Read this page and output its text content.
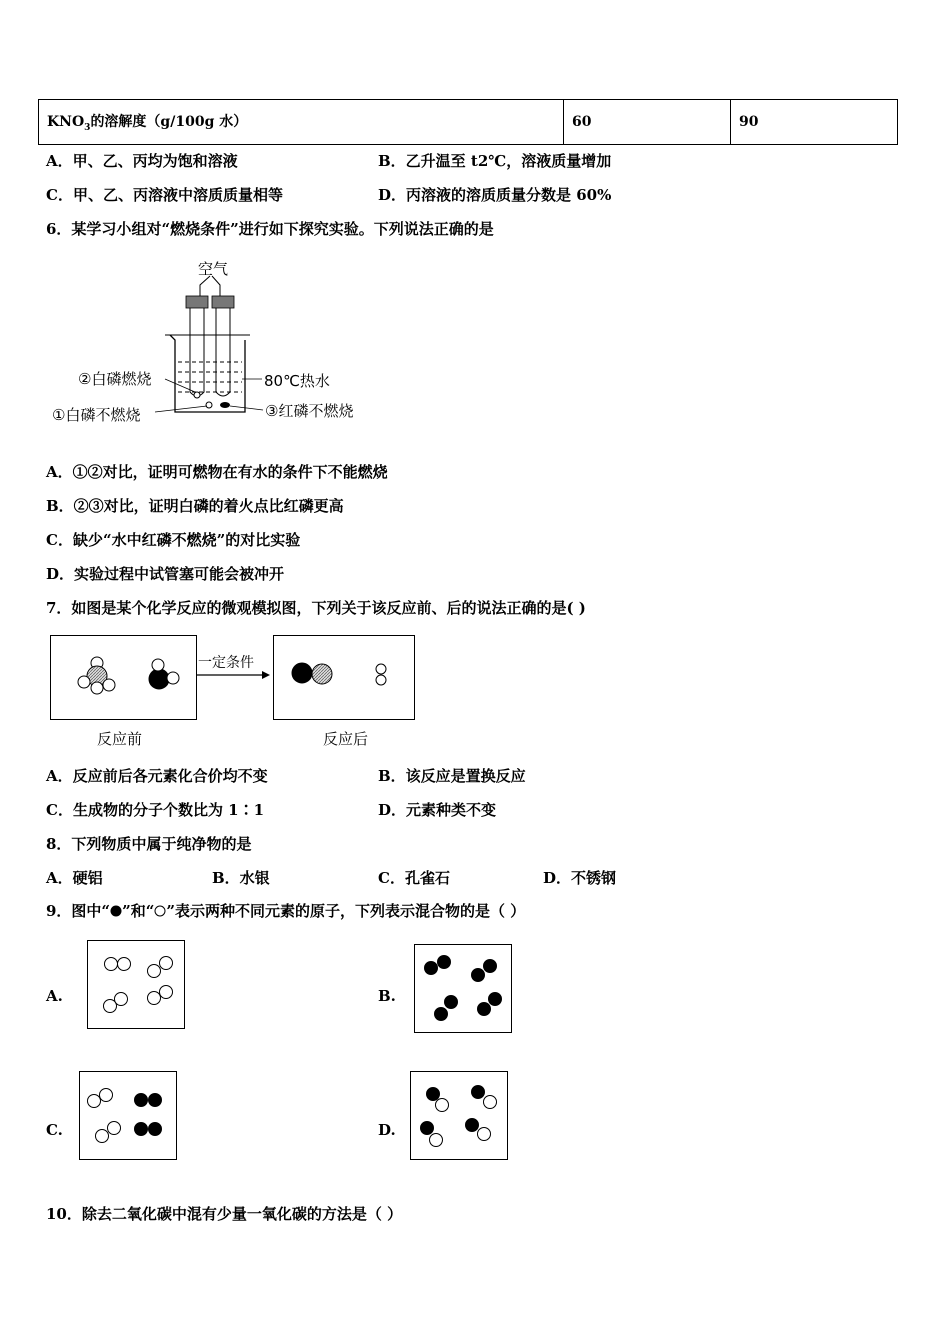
$KNO_3$的溶解度（g/100g 水）	60	90
A．甲、乙、丙均为饱和溶液	B．乙升温至 t2℃，溶液质量增加
C．甲、乙、丙溶液中溶质质量相等	D．丙溶液的溶质质量分数是 60%
6．某学习小组对“燃烧条件”进行如下探究实验。下列说法正确的是
空气
80℃热水
②白磷燃烧
①白磷不燃烧	③红磷不燃烧
A．①②对比，证明可燃物在有水的条件下不能燃烧
B．②③对比，证明白磷的着火点比红磷更高
C．缺少“水中红磷不燃烧”的对比实验
D．实验过程中试管塞可能会被冲开
7．如图是某个化学反应的微观模拟图，下列关于该反应前、后的说法正确的是( )
一定条件
反应前	反应后
A．反应前后各元素化合价均不变	B．该反应是置换反应
C．生成物的分子个数比为 1∶1	D．元素种类不变
8．下列物质中属于纯净物的是
A．硬铝	B．水银	C．孔雀石	D．不锈钢
9．图中“ ”和“ ”表示两种不同元素的原子，下列表示混合物的是（ ）
A.	B.
C.	D.
10．除去二氧化碳中混有少量一氧化碳的方法是（ ）
